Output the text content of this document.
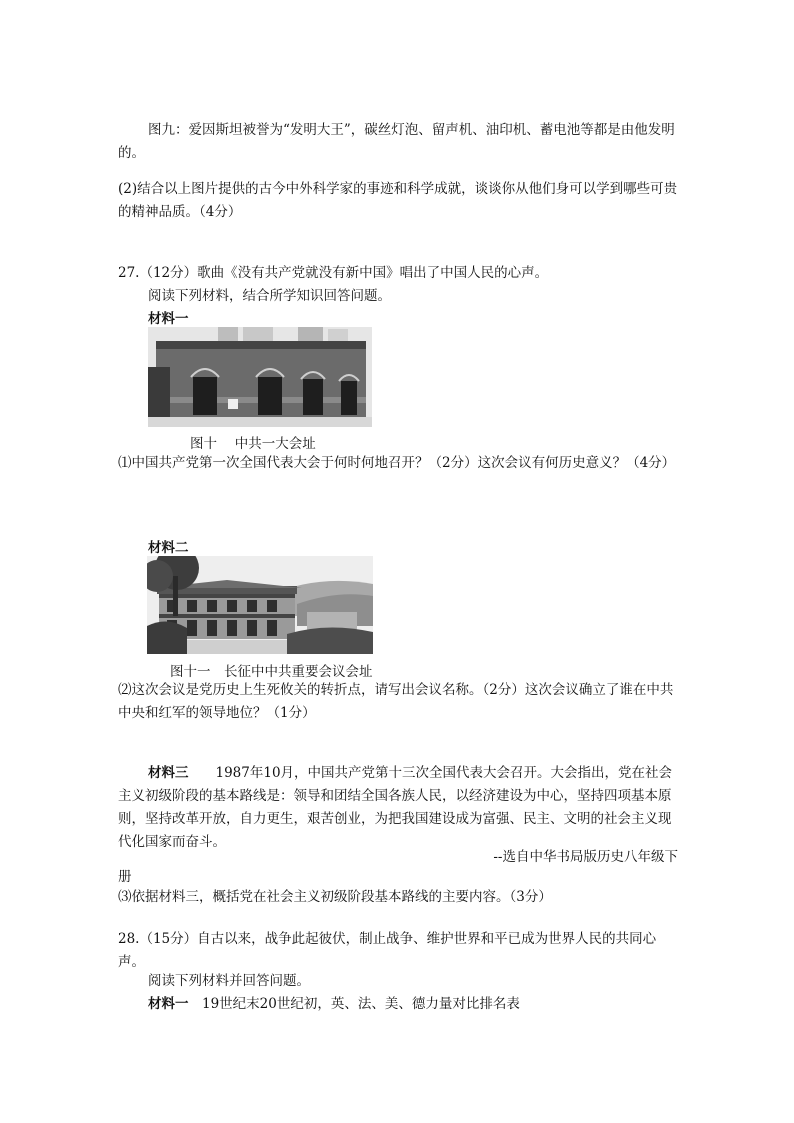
图九：爱因斯坦被誉为“发明大王”，碳丝灯泡、留声机、油印机、蓄电池等都是由他发明的。
(2)结合以上图片提供的古今中外科学家的事迹和科学成就，谈谈你从他们身可以学到哪些可贵的精神品质。（4分）
27.（12分）歌曲《没有共产党就没有新中国》唱出了中国人民的心声。
阅读下列材料，结合所学知识回答问题。
材料一
图十　 中共一大会址
⑴中国共产党第一次全国代表大会于何时何地召开？（2分）这次会议有何历史意义？（4分）
材料二
图十一　长征中中共重要会议会址
⑵这次会议是党历史上生死攸关的转折点，请写出会议名称。（2分）这次会议确立了谁在中共中央和红军的领导地位？（1分）
材料三　　1987年10月，中国共产党第十三次全国代表大会召开。大会指出，党在社会主义初级阶段的基本路线是：领导和团结全国各族人民，以经济建设为中心，坚持四项基本原则，坚持改革开放，自力更生，艰苦创业，为把我国建设成为富强、民主、文明的社会主义现代化国家而奋斗。
--选自中华书局版历史八年级下
册
⑶依据材料三，概括党在社会主义初级阶段基本路线的主要内容。（3分）
28.（15分）自古以来，战争此起彼伏，制止战争、维护世界和平已成为世界人民的共同心声。
阅读下列材料并回答问题。
材料一　19世纪末20世纪初，英、法、美、德力量对比排名表
